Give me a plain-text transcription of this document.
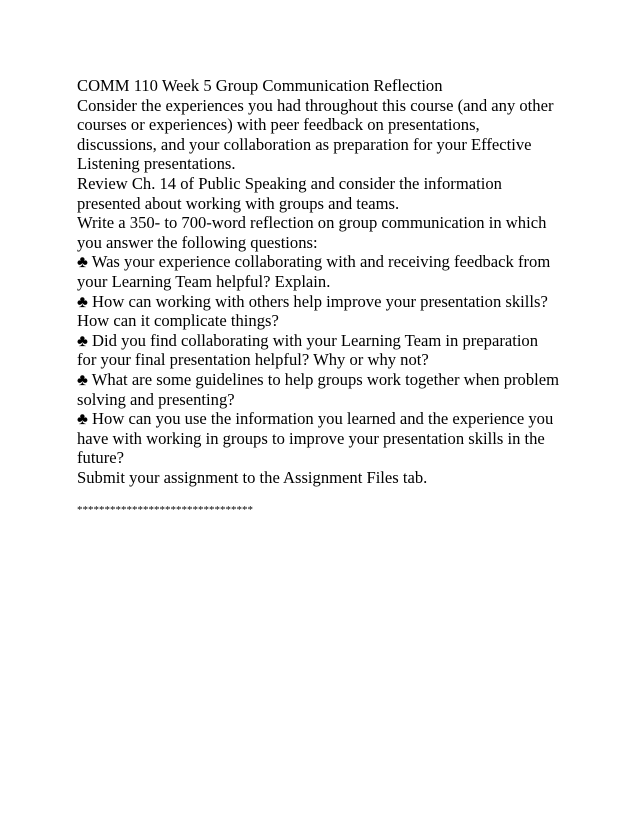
COMM 110 Week 5 Group Communication Reflection
Consider the experiences you had throughout this course (and any other
courses or experiences) with peer feedback on presentations,
discussions, and your collaboration as preparation for your Effective
Listening presentations.
Review Ch. 14 of Public Speaking and consider the information
presented about working with groups and teams.
Write a 350- to 700-word reflection on group communication in which
you answer the following questions:
♣ Was your experience collaborating with and receiving feedback from
your Learning Team helpful? Explain.
♣ How can working with others help improve your presentation skills?
How can it complicate things?
♣ Did you find collaborating with your Learning Team in preparation
for your final presentation helpful? Why or why not?
♣ What are some guidelines to help groups work together when problem
solving and presenting?
♣ How can you use the information you learned and the experience you
have with working in groups to improve your presentation skills in the
future?
Submit your assignment to the Assignment Files tab.
********************************
